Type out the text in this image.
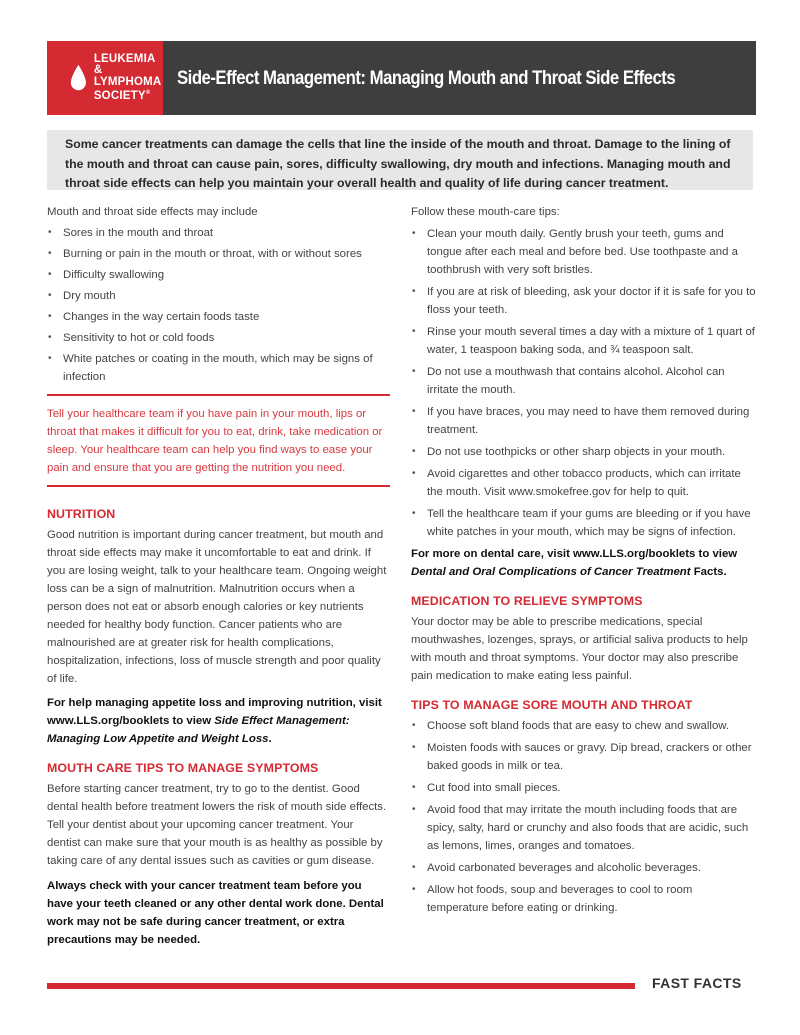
LEUKEMIA &
LYMPHOMA
SOCIETY®
Side-Effect Management: Managing Mouth and Throat Side Effects
Some cancer treatments can damage the cells that line the inside of the mouth and throat. Damage to the lining of the mouth and throat can cause pain, sores, difficulty swallowing, dry mouth and infections. Managing mouth and throat side effects can help you maintain your overall health and quality of life during cancer treatment.

Mouth and throat side effects may include

• Sores in the mouth and throat
• Burning or pain in the mouth or throat, with or without sores
• Difficulty swallowing
• Dry mouth
• Changes in the way certain foods taste
• Sensitivity to hot or cold foods
• White patches or coating in the mouth, which may be signs of infection

Tell your healthcare team if you have pain in your mouth, lips or throat that makes it difficult for you to eat, drink, take medication or sleep. Your healthcare team can help you find ways to ease your pain and ensure that you are getting the nutrition you need.

NUTRITION

Good nutrition is important during cancer treatment, but mouth and throat side effects may make it uncomfortable to eat and drink. If you are losing weight, talk to your healthcare team. Ongoing weight loss can be a sign of malnutrition. Malnutrition occurs when a person does not eat or absorb enough calories or key nutrients needed for healthy body function. Cancer patients who are malnourished are at greater risk for health complications, hospitalization, infections, loss of muscle strength and poor quality of life.

For help managing appetite loss and improving nutrition, visit www.LLS.org/booklets to view Side Effect Management: Managing Low Appetite and Weight Loss.

MOUTH CARE TIPS TO MANAGE SYMPTOMS

Before starting cancer treatment, try to go to the dentist. Good dental health before treatment lowers the risk of mouth side effects. Tell your dentist about your upcoming cancer treatment. Your dentist can make sure that your mouth is as healthy as possible by taking care of any dental issues such as cavities or gum disease.

Always check with your cancer treatment team before you have your teeth cleaned or any other dental work done. Dental work may not be safe during cancer treatment, or extra precautions may be needed.

Follow these mouth-care tips:

• Clean your mouth daily. Gently brush your teeth, gums and tongue after each meal and before bed. Use toothpaste and a toothbrush with very soft bristles.
• If you are at risk of bleeding, ask your doctor if it is safe for you to floss your teeth.
• Rinse your mouth several times a day with a mixture of 1 quart of water, 1 teaspoon baking soda, and ¾ teaspoon salt.
• Do not use a mouthwash that contains alcohol. Alcohol can irritate the mouth.
• If you have braces, you may need to have them removed during treatment.
• Do not use toothpicks or other sharp objects in your mouth.
• Avoid cigarettes and other tobacco products, which can irritate the mouth. Visit www.smokefree.gov for help to quit.
• Tell the healthcare team if your gums are bleeding or if you have white patches in your mouth, which may be signs of infection.

For more on dental care, visit www.LLS.org/booklets to view Dental and Oral Complications of Cancer Treatment Facts.

MEDICATION TO RELIEVE SYMPTOMS

Your doctor may be able to prescribe medications, special mouthwashes, lozenges, sprays, or artificial saliva products to help with mouth and throat symptoms. Your doctor may also prescribe pain medication to make eating less painful.

TIPS TO MANAGE SORE MOUTH AND THROAT
• Choose soft bland foods that are easy to chew and swallow.
• Moisten foods with sauces or gravy. Dip bread, crackers or other baked goods in milk or tea.
• Cut food into small pieces.
• Avoid food that may irritate the mouth including foods that are spicy, salty, hard or crunchy and also foods that are acidic, such as lemons, limes, oranges and tomatoes.
• Avoid carbonated beverages and alcoholic beverages.
• Allow hot foods, soup and beverages to cool to room temperature before eating or drinking.
FAST FACTS
